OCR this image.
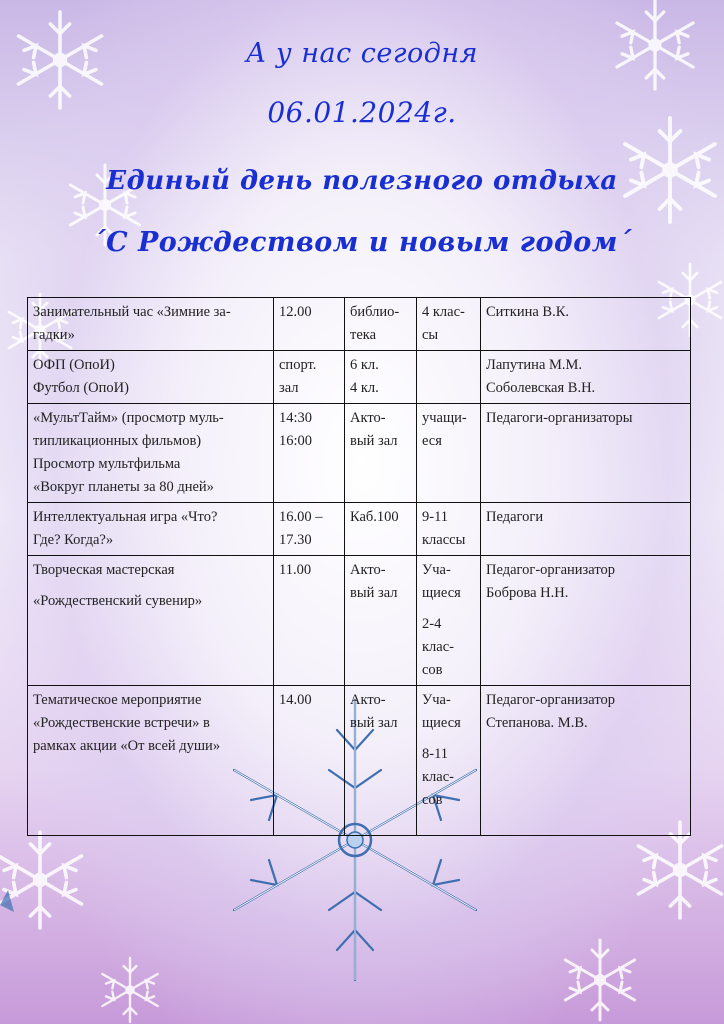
А у нас сегодня
06.01.2024г.
Единый день полезного отдыха
´С Рождеством и новым годом´
Занимательный час «Зимние за-
гадки»	12.00	библио-
тека	4 клас-
сы	Ситкина В.К.

ОФП (ОпоИ)
Футбол (ОпоИ)	спорт.
зал	6 кл.
4 кл.		Лапутина М.М.
Соболевская В.Н.

«МультТайм» (просмотр муль-
типликационных фильмов)
Просмотр мультфильма
«Вокруг планеты за 80 дней»	14:30
16:00	Акто-
вый зал	учащи-
еся	Педагоги-организаторы

Интеллектуальная игра «Что?
Где? Когда?»	16.00 –
17.30	Каб.100	9-11
классы	Педагоги

Творческая мастерская
«Рождественский сувенир»	11.00	Акто-
вый зал	Уча-
щиеся
2-4
клас-
сов	Педагог-организатор
Боброва Н.Н.

Тематическое мероприятие
«Рождественские встречи» в
рамках акции «От всей души»	14.00	Акто-
вый зал	Уча-
щиеся
8-11
клас-
сов	Педагог-организатор
Степанова. М.В.
